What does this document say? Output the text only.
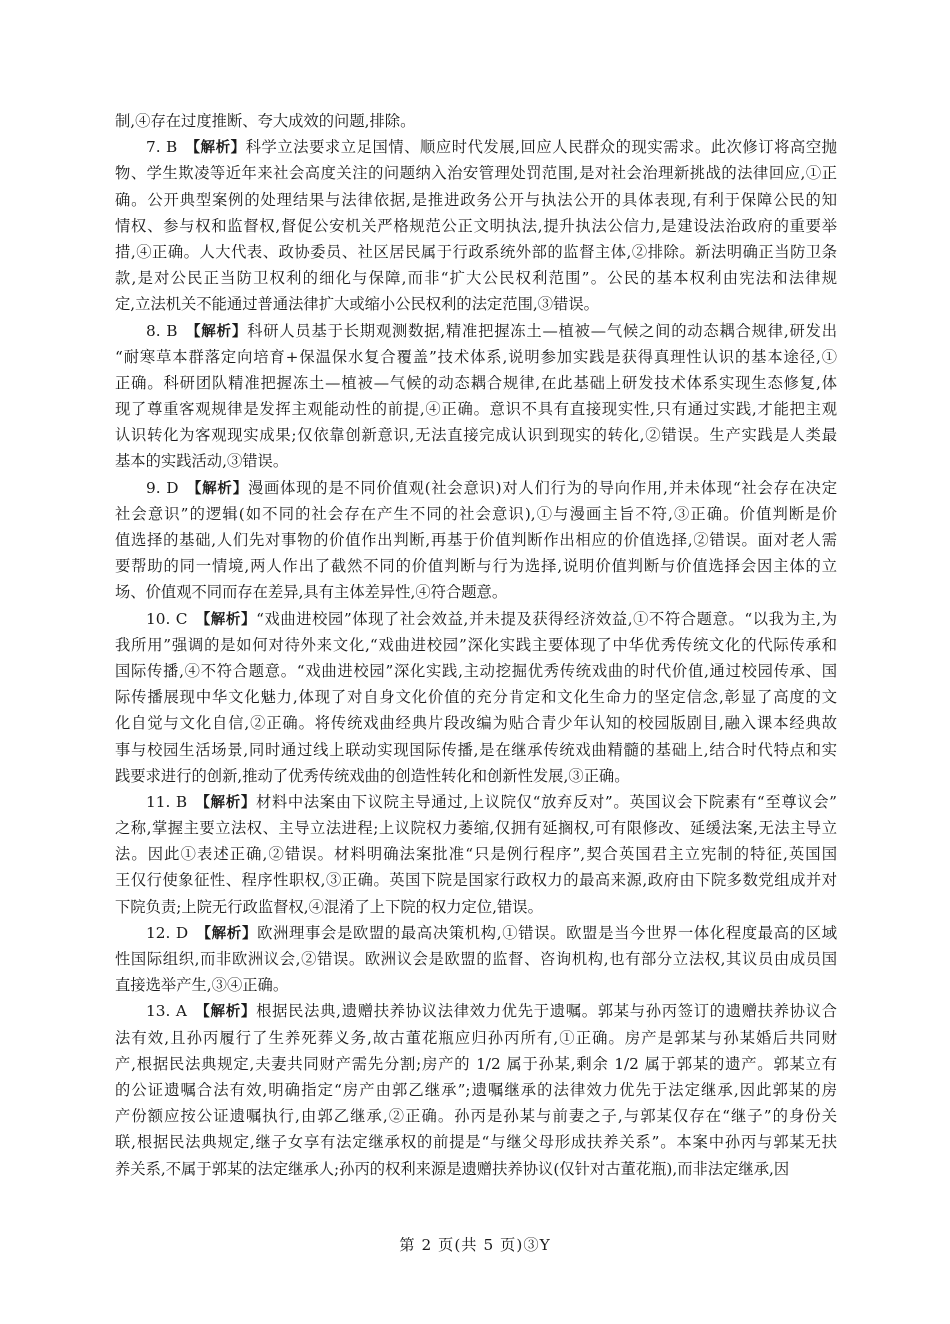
制,④存在过度推断、夸大成效的问题,排除。
7. B 【解析】科学立法要求立足国情、顺应时代发展,回应人民群众的现实需求。此次修订将高空抛
物、学生欺凌等近年来社会高度关注的问题纳入治安管理处罚范围,是对社会治理新挑战的法律回应,①正
确。公开典型案例的处理结果与法律依据,是推进政务公开与执法公开的具体表现,有利于保障公民的知
情权、参与权和监督权,督促公安机关严格规范公正文明执法,提升执法公信力,是建设法治政府的重要举
措,④正确。人大代表、政协委员、社区居民属于行政系统外部的监督主体,②排除。新法明确正当防卫条
款,是对公民正当防卫权利的细化与保障,而非“扩大公民权利范围”。公民的基本权利由宪法和法律规
定,立法机关不能通过普通法律扩大或缩小公民权利的法定范围,③错误。
8. B 【解析】科研人员基于长期观测数据,精准把握冻土—植被—气候之间的动态耦合规律,研发出
“耐寒草本群落定向培育+保温保水复合覆盖”技术体系,说明参加实践是获得真理性认识的基本途径,①
正确。科研团队精准把握冻土—植被—气候的动态耦合规律,在此基础上研发技术体系实现生态修复,体
现了尊重客观规律是发挥主观能动性的前提,④正确。意识不具有直接现实性,只有通过实践,才能把主观
认识转化为客观现实成果;仅依靠创新意识,无法直接完成认识到现实的转化,②错误。生产实践是人类最
基本的实践活动,③错误。
9. D 【解析】漫画体现的是不同价值观(社会意识)对人们行为的导向作用,并未体现“社会存在决定
社会意识”的逻辑(如不同的社会存在产生不同的社会意识),①与漫画主旨不符,③正确。价值判断是价
值选择的基础,人们先对事物的价值作出判断,再基于价值判断作出相应的价值选择,②错误。面对老人需
要帮助的同一情境,两人作出了截然不同的价值判断与行为选择,说明价值判断与价值选择会因主体的立
场、价值观不同而存在差异,具有主体差异性,④符合题意。
10. C 【解析】“戏曲进校园”体现了社会效益,并未提及获得经济效益,①不符合题意。“以我为主,为
我所用”强调的是如何对待外来文化,“戏曲进校园”深化实践主要体现了中华优秀传统文化的代际传承和
国际传播,④不符合题意。“戏曲进校园”深化实践,主动挖掘优秀传统戏曲的时代价值,通过校园传承、国
际传播展现中华文化魅力,体现了对自身文化价值的充分肯定和文化生命力的坚定信念,彰显了高度的文
化自觉与文化自信,②正确。将传统戏曲经典片段改编为贴合青少年认知的校园版剧目,融入课本经典故
事与校园生活场景,同时通过线上联动实现国际传播,是在继承传统戏曲精髓的基础上,结合时代特点和实
践要求进行的创新,推动了优秀传统戏曲的创造性转化和创新性发展,③正确。
11. B 【解析】材料中法案由下议院主导通过,上议院仅“放弃反对”。英国议会下院素有“至尊议会”
之称,掌握主要立法权、主导立法进程;上议院权力萎缩,仅拥有延搁权,可有限修改、延缓法案,无法主导立
法。因此①表述正确,②错误。材料明确法案批准“只是例行程序”,契合英国君主立宪制的特征,英国国
王仅行使象征性、程序性职权,③正确。英国下院是国家行政权力的最高来源,政府由下院多数党组成并对
下院负责;上院无行政监督权,④混淆了上下院的权力定位,错误。
12. D 【解析】欧洲理事会是欧盟的最高决策机构,①错误。欧盟是当今世界一体化程度最高的区域
性国际组织,而非欧洲议会,②错误。欧洲议会是欧盟的监督、咨询机构,也有部分立法权,其议员由成员国
直接选举产生,③④正确。
13. A 【解析】根据民法典,遗赠扶养协议法律效力优先于遗嘱。郭某与孙丙签订的遗赠扶养协议合
法有效,且孙丙履行了生养死葬义务,故古董花瓶应归孙丙所有,①正确。房产是郭某与孙某婚后共同财
产,根据民法典规定,夫妻共同财产需先分割;房产的 1/2 属于孙某,剩余 1/2 属于郭某的遗产。郭某立有
的公证遗嘱合法有效,明确指定“房产由郭乙继承”;遗嘱继承的法律效力优先于法定继承,因此郭某的房
产份额应按公证遗嘱执行,由郭乙继承,②正确。孙丙是孙某与前妻之子,与郭某仅存在“继子”的身份关
联,根据民法典规定,继子女享有法定继承权的前提是“与继父母形成扶养关系”。本案中孙丙与郭某无扶
养关系,不属于郭某的法定继承人;孙丙的权利来源是遗赠扶养协议(仅针对古董花瓶),而非法定继承,因
第 2 页(共 5 页)③Y
